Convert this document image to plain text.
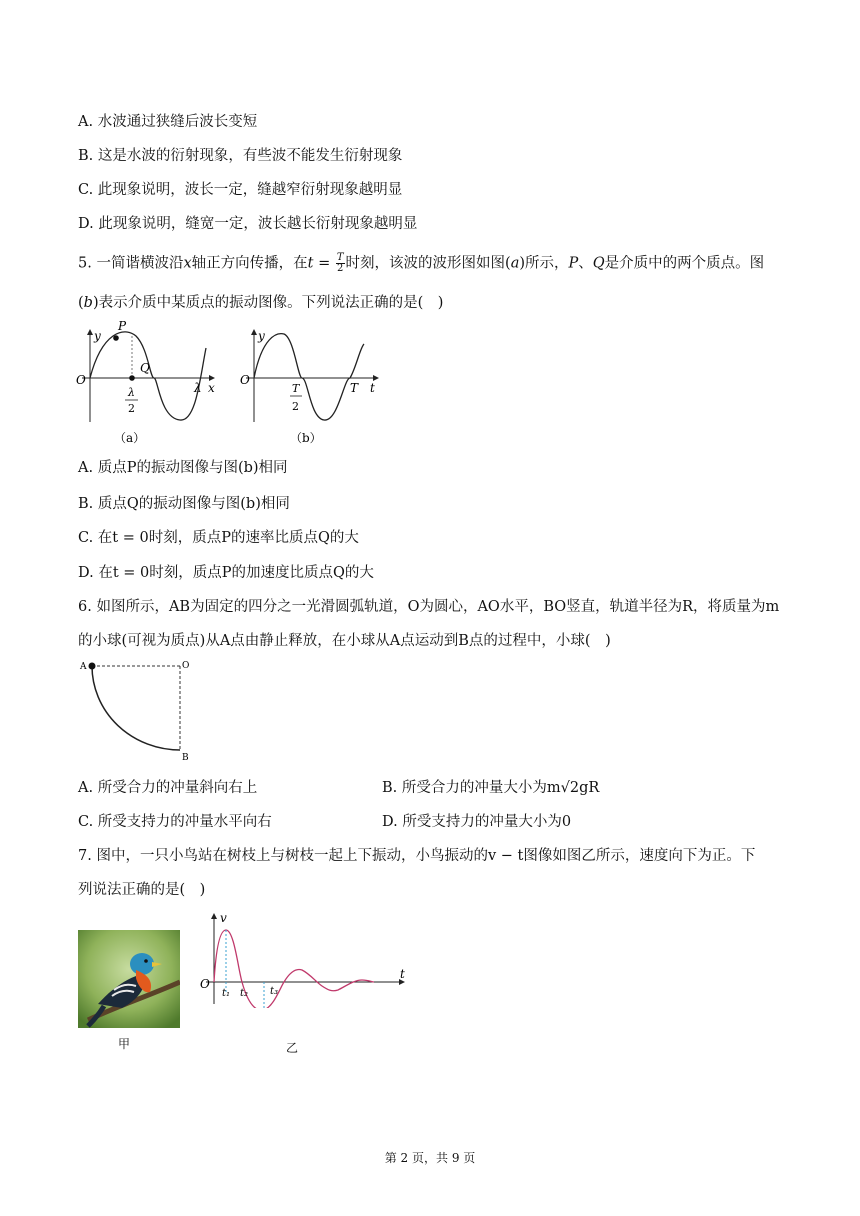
A. 水波通过狭缝后波长变短
B. 这是水波的衍射现象，有些波不能发生衍射现象
C. 此现象说明，波长一定，缝越窄衍射现象越明显
D. 此现象说明，缝宽一定，波长越长衍射现象越明显
5. 一简谐横波沿x轴正方向传播，在$t = \frac{T}{2}$ 时刻，该波的波形图如图(a)所示，P、Q是介质中的两个质点。图
(b)表示介质中某质点的振动图像。下列说法正确的是(　)
y
P
Q
O
λ x
λ
2
（a）
y
O
t
T
T
2
（b）
A. 质点P的振动图像与图(b)相同
B. 质点Q的振动图像与图(b)相同
C. 在t = 0时刻，质点P的速率比质点Q的大
D. 在t = 0时刻，质点P的加速度比质点Q的大
6. 如图所示，AB为固定的四分之一光滑圆弧轨道，O为圆心，AO水平，BO竖直，轨道半径为R，将质量为m
的小球(可视为质点)从A点由静止释放，在小球从A点运动到B点的过程中，小球(　)
A	O
B
A. 所受合力的冲量斜向右上	B. 所受合力的冲量大小为m√2gR
C. 所受支持力的冲量水平向右	D. 所受支持力的冲量大小为0
7. 图中，一只小鸟站在树枝上与树枝一起上下振动，小鸟振动的v − t图像如图乙所示，速度向下为正。下
列说法正确的是(　)
甲
v
t
O
t₁ t₂ t₃
乙
第 2 页，共 9 页
